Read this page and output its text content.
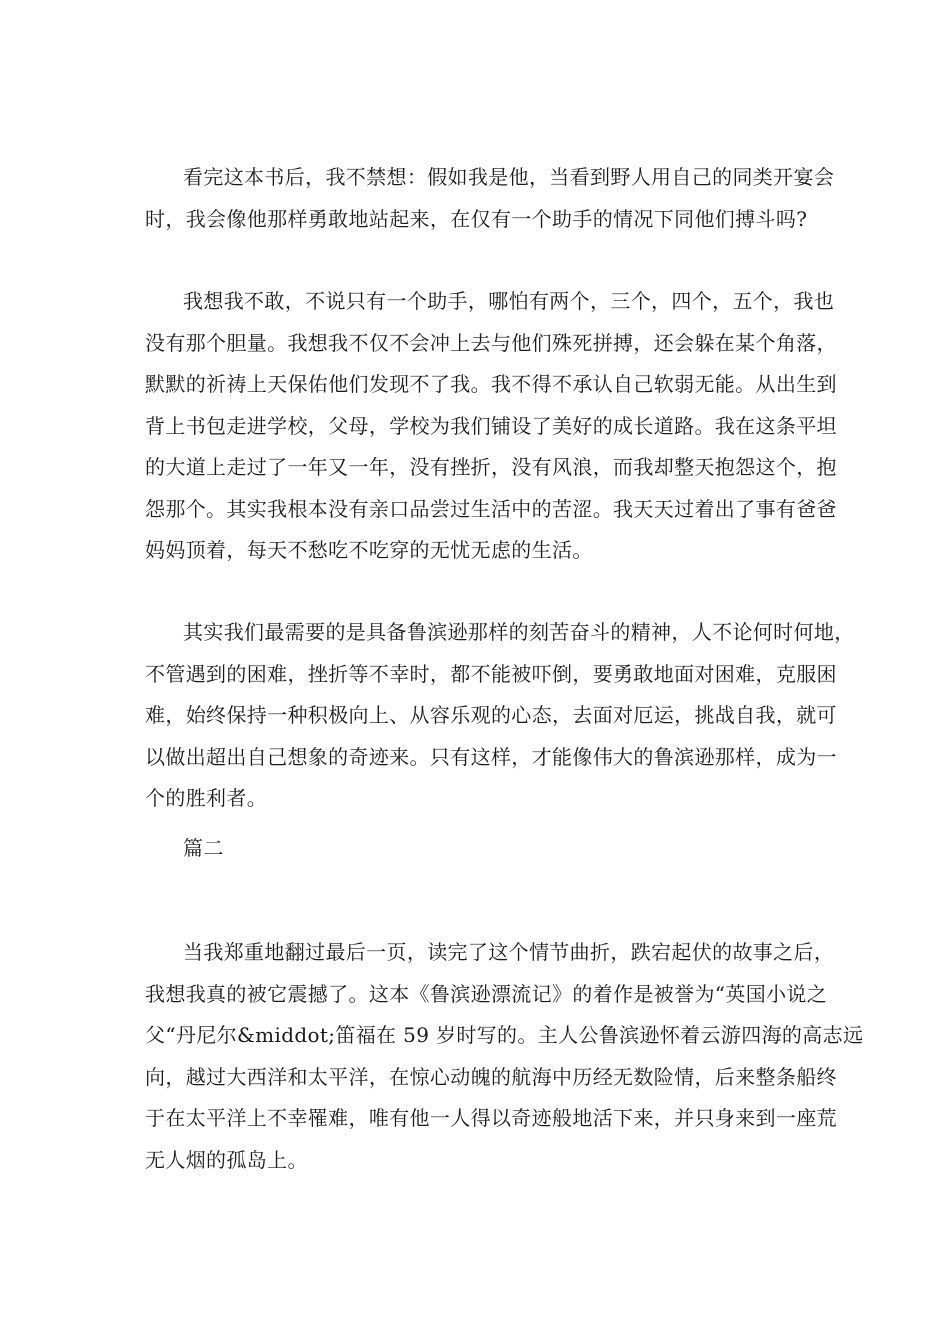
看完这本书后，我不禁想：假如我是他，当看到野人用自己的同类开宴会
时，我会像他那样勇敢地站起来，在仅有一个助手的情况下同他们搏斗吗?

我想我不敢，不说只有一个助手，哪怕有两个，三个，四个，五个，我也
没有那个胆量。我想我不仅不会冲上去与他们殊死拼搏，还会躲在某个角落，
默默的祈祷上天保佑他们发现不了我。我不得不承认自己软弱无能。从出生到
背上书包走进学校，父母，学校为我们铺设了美好的成长道路。我在这条平坦
的大道上走过了一年又一年，没有挫折，没有风浪，而我却整天抱怨这个，抱
怨那个。其实我根本没有亲口品尝过生活中的苦涩。我天天过着出了事有爸爸
妈妈顶着，每天不愁吃不吃穿的无忧无虑的生活。

其实我们最需要的是具备鲁滨逊那样的刻苦奋斗的精神，人不论何时何地，
不管遇到的困难，挫折等不幸时，都不能被吓倒，要勇敢地面对困难，克服困
难，始终保持一种积极向上、从容乐观的心态，去面对厄运，挑战自我，就可
以做出超出自己想象的奇迹来。只有这样，才能像伟大的鲁滨逊那样，成为一
个的胜利者。

篇二

当我郑重地翻过最后一页，读完了这个情节曲折，跌宕起伏的故事之后，
我想我真的被它震撼了。这本《鲁滨逊漂流记》的着作是被誉为“英国小说之
父“丹尼尔&middot;笛福在 59 岁时写的。主人公鲁滨逊怀着云游四海的高志远
向，越过大西洋和太平洋，在惊心动魄的航海中历经无数险情，后来整条船终
于在太平洋上不幸罹难，唯有他一人得以奇迹般地活下来，并只身来到一座荒
无人烟的孤岛上。
